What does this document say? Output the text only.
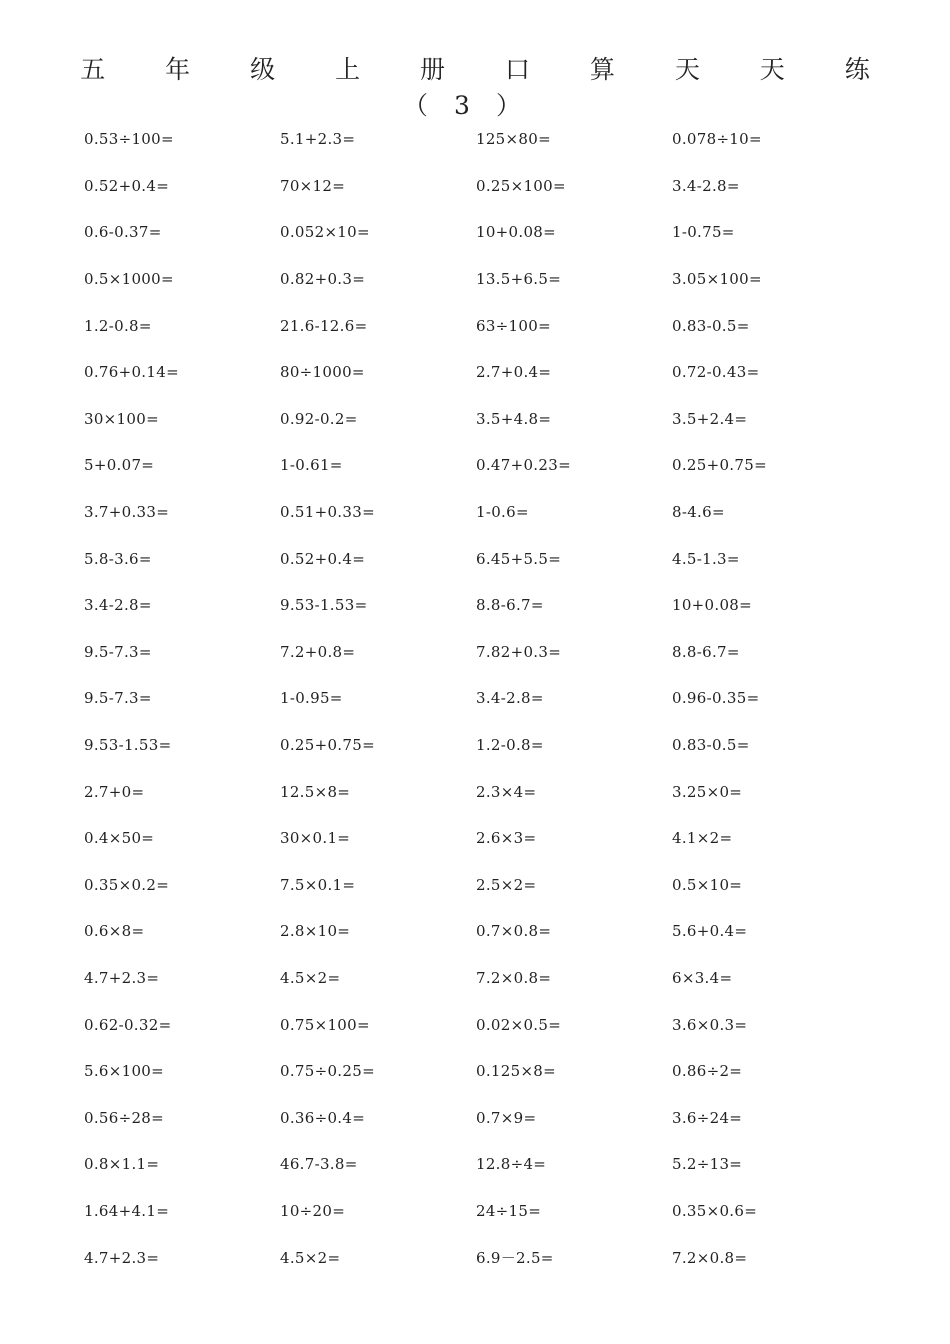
五 年 级 上 册 口 算 天 天 练（3）
0.53÷100=	5.1+2.3=	125×80=	0.078÷10=
0.52+0.4=	70×12=	0.25×100=	3.4-2.8=
0.6-0.37=	0.052×10=	10+0.08=	1-0.75=
0.5×1000=	0.82+0.3=	13.5+6.5=	3.05×100=
1.2-0.8=	21.6-12.6=	63÷100=	0.83-0.5=
0.76+0.14=	80÷1000=	2.7+0.4=	0.72-0.43=
30×100=	0.92-0.2=	3.5+4.8=	3.5+2.4=
5+0.07=	1-0.61=	0.47+0.23=	0.25+0.75=
3.7+0.33=	0.51+0.33=	1-0.6=	8-4.6=
5.8-3.6=	0.52+0.4=	6.45+5.5=	4.5-1.3=
3.4-2.8=	9.53-1.53=	8.8-6.7=	10+0.08=
9.5-7.3=	7.2+0.8=	7.82+0.3=	8.8-6.7=
9.5-7.3=	1-0.95=	3.4-2.8=	0.96-0.35=
9.53-1.53=	0.25+0.75=	1.2-0.8=	0.83-0.5=
2.7+0=	12.5×8=	2.3×4=	3.25×0=
0.4×50=	30×0.1=	2.6×3=	4.1×2=
0.35×0.2=	7.5×0.1=	2.5×2=	0.5×10=
0.6×8=	2.8×10=	0.7×0.8=	5.6+0.4=
4.7+2.3=	4.5×2=	7.2×0.8=	6×3.4=
0.62-0.32=	0.75×100=	0.02×0.5=	3.6×0.3=
5.6×100=	0.75÷0.25=	0.125×8=	0.86÷2=
0.56÷28=	0.36÷0.4=	0.7×9=	3.6÷24=
0.8×1.1=	46.7-3.8=	12.8÷4=	5.2÷13=
1.64+4.1=	10÷20=	24÷15=	0.35×0.6=
4.7+2.3=	4.5×2=	6.9－2.5=	7.2×0.8=
